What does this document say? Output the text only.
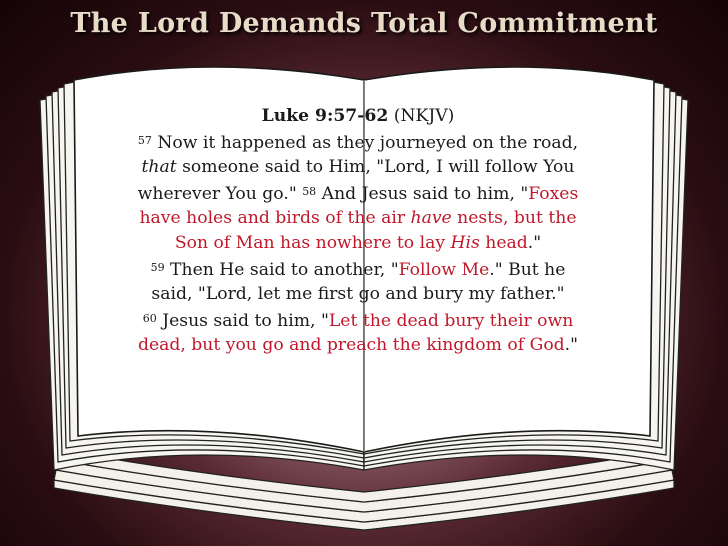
The Lord Demands Total Commitment
Luke 9:57-62 (NKJV)
$^{57}$ Now it happened as they journeyed on the road,
that someone said to Him, "Lord, I will follow You
wherever You go." $^{58}$ And Jesus said to him, "Foxes
have holes and birds of the air have nests, but the
Son of Man has nowhere to lay His head."
$^{59}$ Then He said to another, "Follow Me." But he
said, "Lord, let me first go and bury my father."
$^{60}$ Jesus said to him, "Let the dead bury their own
dead, but you go and preach the kingdom of God."
